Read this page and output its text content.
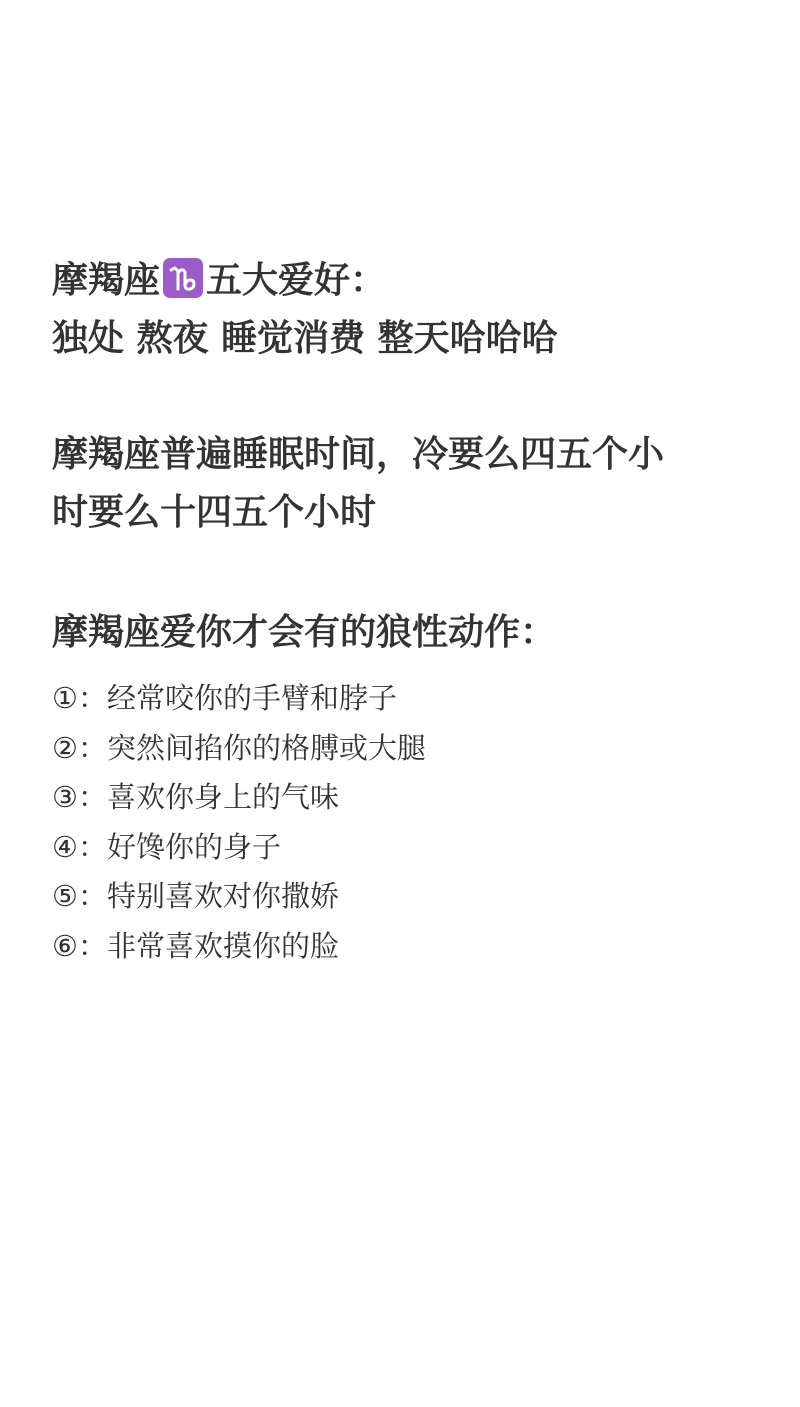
摩羯座 五大爱好：
独处 熬夜 睡觉消费 整天哈哈哈

摩羯座普遍睡眠时间，冷要么四五个小
时要么十四五个小时

摩羯座爱你才会有的狼性动作：

①：经常咬你的手臂和脖子
②：突然间掐你的格膊或大腿
③：喜欢你身上的气味
④：好馋你的身子
⑤：特别喜欢对你撒娇
⑥：非常喜欢摸你的脸
